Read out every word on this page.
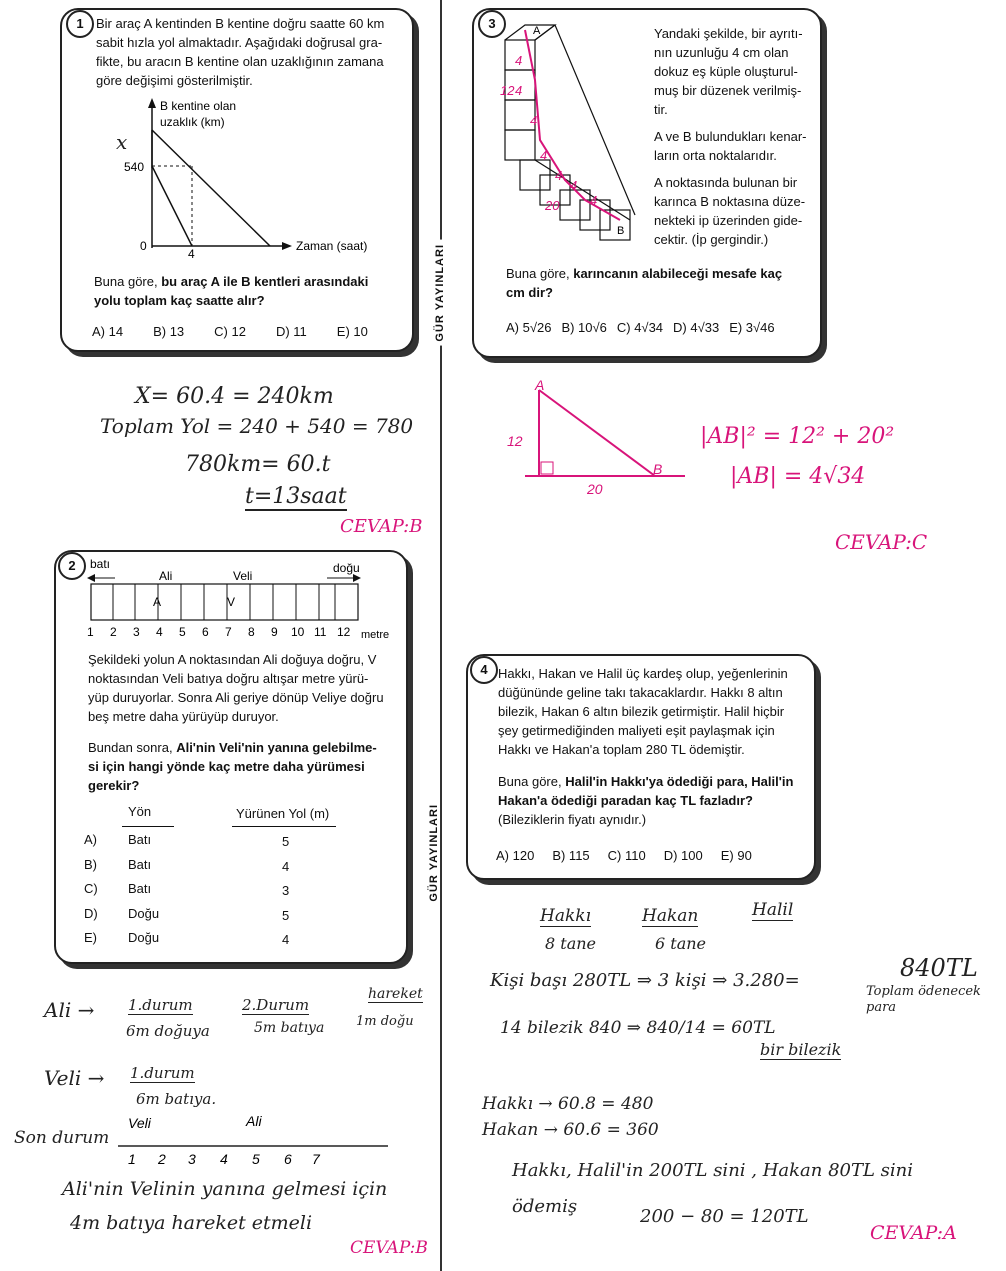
GÜR YAYINLARI
GÜR YAYINLARI
1 Bir araç A kentinden B kentine doğru saatte 60 km
sabit hızla yol almaktadır. Aşağıdaki doğrusal gra-
fikte, bu aracın B kentine olan uzaklığının zamana
göre değişimi gösterilmiştir.
B kentine olan
uzaklık (km)
540
4
0	Zaman (saat)
x
Buna göre, bu araç A ile B kentleri arasındaki
yolu toplam kaç saatte alır?
A) 14 B) 13 C) 12 D) 11 E) 10
3	A
B
4
4
12
4
4
4
4
4
20
Yandaki şekilde, bir ayrıtı-
nın uzunluğu 4 cm olan
dokuz eş küple oluşturul-
muş bir düzenek verilmiş-
tir.
A ve B bulundukları kenar-
ların orta noktalarıdır.
A noktasında bulunan bir
karınca B noktasına düze-
nekteki ip üzerinden gide-
cektir. (İp gergindir.)
Buna göre, karıncanın alabileceği mesafe kaç
cm dir?
A) 5√26 B) 10√6 C) 4√34 D) 4√33 E) 3√46
X= 60.4 = 240km
Toplam Yol = 240 + 540 = 780
780km= 60.t
t=13saat
CEVAP:B
A
B
12
20
|AB|² = 12² + 20²
|AB| = 4√34
CEVAP:C
2	batı	doğu
Ali	Veli
A	V
1 2 3 4 5 6 7 8 9 10 11 12 metre
Şekildeki yolun A noktasından Ali doğuya doğru, V
noktasından Veli batıya doğru altışar metre yürü-
yüp duruyorlar. Sonra Ali geriye dönüp Veliye doğru
beş metre daha yürüyüp duruyor.
Bundan sonra, Ali'nin Veli'nin yanına gelebilme-
si için hangi yönde kaç metre daha yürümesi
gerekir?
Yön	Yürünen Yol (m)
A) Batı	5
B) Batı	4
C) Batı	3
D) Doğu	5
E) Doğu	4
4 Hakkı, Hakan ve Halil üç kardeş olup, yeğenlerinin
düğününde geline takı takacaklardır. Hakkı 8 altın
bilezik, Hakan 6 altın bilezik getirmiştir. Halil hiçbir
şey getirmediğinden maliyeti eşit paylaşmak için
Hakkı ve Hakan'a toplam 280 TL ödemiştir.
Buna göre, Halil'in Hakkı'ya ödediği para, Halil'in
Hakan'a ödediği paradan kaç TL fazladır?
(Bileziklerin fiyatı aynıdır.)
A) 120 B) 115 C) 110 D) 100 E) 90
Ali → 1.durum
6m doğuya
2.Durum
5m batıya
hareket
1m doğu
Veli → 1.durum
6m batıya.
Son durum
Veli	Ali
1 2 3 4 5 6 7
Ali'nin Velinin yanına gelmesi için
4m batıya hareket etmeli
CEVAP:B
Hakkı	Hakan	Halil
8 tane	6 tane
Kişi başı 280TL ⇒ 3 kişi ⇒ 3.280=	840TL
Toplam ödenecek para
14 bilezik 840 ⇒ 840/14 = 60TL
bir bilezik
Hakkı → 60.8 = 480
Hakan → 60.6 = 360
Hakkı, Halil'in 200TL sini , Hakan 80TL sini
ödemiş	200 − 80 = 120TL
CEVAP:A
